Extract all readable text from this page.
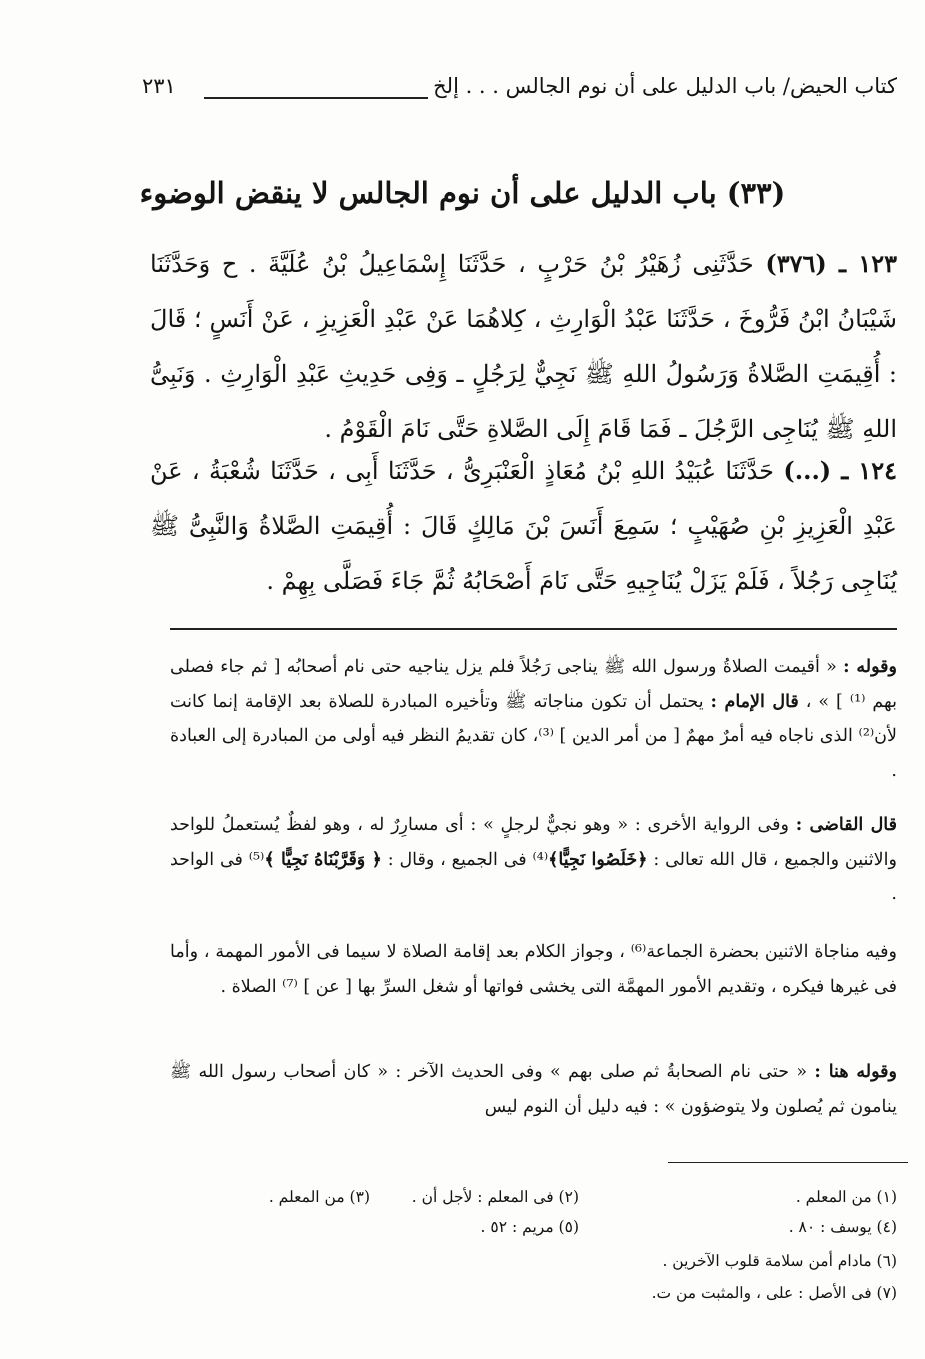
كتاب الحيض/ باب الدليل على أن نوم الجالس . . . إلخ
٢٣١
(٣٣) باب الدليل على أن نوم الجالس لا ينقض الوضوء
١٢٣ ـ (٣٧٦) حَدَّثَنِى زُهَيْرُ بْنُ حَرْبٍ ، حَدَّثَنَا إِسْمَاعِيلُ بْنُ عُلَيَّةَ . ح وَحَدَّثَنَا شَيْبَانُ ابْنُ فَرُّوخَ ، حَدَّثَنَا عَبْدُ الْوَارِثِ ، كِلاهُمَا عَنْ عَبْدِ الْعَزِيزِ ، عَنْ أَنَسٍ ؛ قَالَ : أُقِيمَتِ الصَّلاةُ وَرَسُولُ اللهِ ﷺ نَجِيٌّ لِرَجُلٍ ـ وَفِى حَدِيثِ عَبْدِ الْوَارِثِ . وَنَبِىُّ اللهِ ﷺ يُنَاجِى الرَّجُلَ ـ فَمَا قَامَ إِلَى الصَّلاةِ حَتَّى نَامَ الْقَوْمُ .
١٢٤ ـ (...) حَدَّثَنَا عُبَيْدُ اللهِ بْنُ مُعَاذٍ الْعَنْبَرِىُّ ، حَدَّثَنَا أَبِى ، حَدَّثَنَا شُعْبَةُ ، عَنْ عَبْدِ الْعَزِيزِ بْنِ صُهَيْبٍ ؛ سَمِعَ أَنَسَ بْنَ مَالِكٍ قَالَ : أُقِيمَتِ الصَّلاةُ وَالنَّبِىُّ ﷺ يُنَاجِى رَجُلاً ، فَلَمْ يَزَلْ يُنَاجِيهِ حَتَّى نَامَ أَصْحَابُهُ ثُمَّ جَاءَ فَصَلَّى بِهِمْ .
وقوله : « أقيمت الصلاةُ ورسول الله ﷺ يناجى رَجُلاً فلم يزل يناجيه حتى نام أصحابُه [ ثم جاء فصلى بهم ⁽¹⁾ ] » ، قال الإمام : يحتمل أن تكون مناجاته ﷺ وتأخيره المبادرة للصلاة بعد الإقامة إنما كانت لأن⁽²⁾ الذى ناجاه فيه أمرٌ مهمٌ [ من أمر الدين ] ⁽³⁾، كان تقديمُ النظر فيه أولى من المبادرة إلى العبادة .
قال القاضى : وفى الرواية الأخرى : « وهو نجيٌّ لرجلٍ » : أى مسارِرٌ له ، وهو لفظٌ يُستعملُ للواحد والاثنين والجميع ، قال الله تعالى : ﴿خَلَصُوا نَجِيًّا﴾⁽⁴⁾ فى الجميع ، وقال : ﴿ وَقَرَّبْنَاهُ نَجِيًّا ﴾⁽⁵⁾ فى الواحد .
وفيه مناجاة الاثنين بحضرة الجماعة⁽⁶⁾ ، وجواز الكلام بعد إقامة الصلاة لا سيما فى الأمور المهمة ، وأما فى غيرها فيكره ، وتقديم الأمور المهمَّة التى يخشى فواتها أو شغل السرِّ بها [ عن ] ⁽⁷⁾ الصلاة .
وقوله هنا : « حتى نام الصحابةُ ثم صلى بهم » وفى الحديث الآخر : « كان أصحاب رسول الله ﷺ ينامون ثم يُصلون ولا يتوضؤون » : فيه دليل أن النوم ليس
(١) من المعلم .
(٢) فى المعلم : لأجل أن .
(٣) من المعلم .
(٤) يوسف : ٨٠ .
(٥) مريم : ٥٢ .
(٦) مادام أمن سلامة قلوب الآخرين .
(٧) فى الأصل : على ، والمثبت من ت.
